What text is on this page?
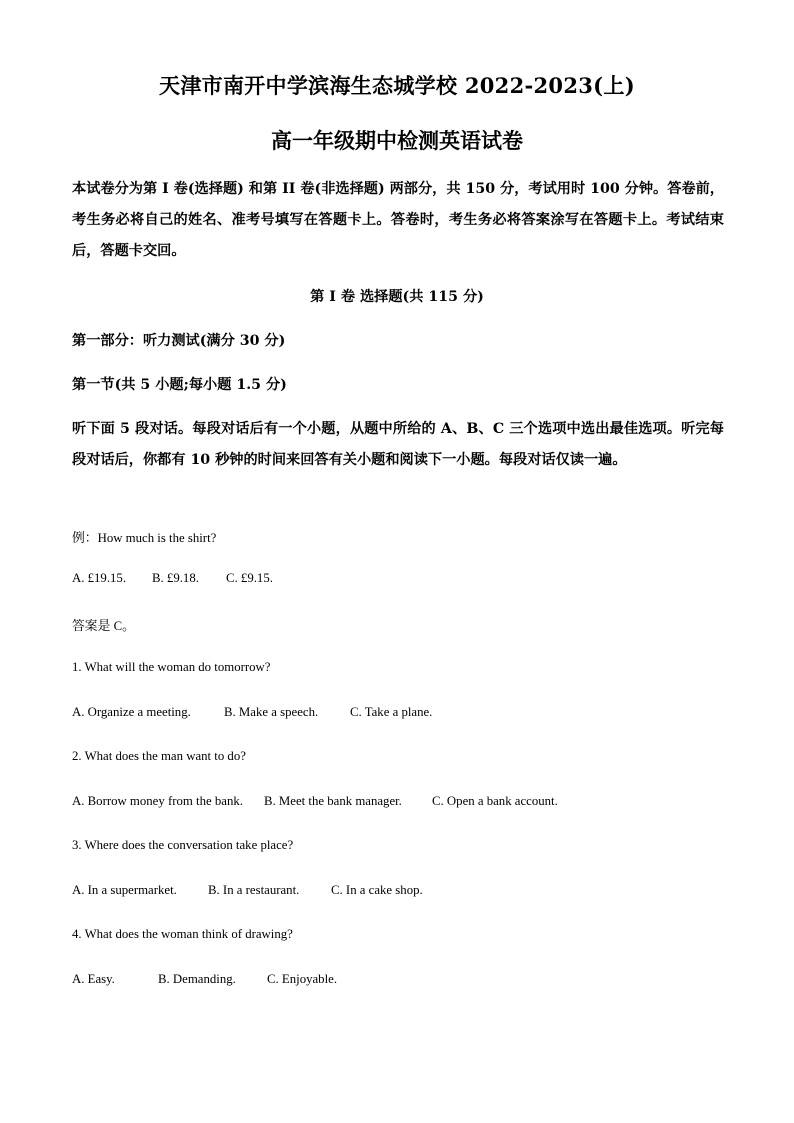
天津市南开中学滨海生态城学校 2022-2023(上)
高一年级期中检测英语试卷

本试卷分为第 I 卷(选择题) 和第 II 卷(非选择题) 两部分，共 150 分，考试用时 100 分钟。答卷前，考生务必将自己的姓名、准考号填写在答题卡上。答卷时，考生务必将答案涂写在答题卡上。考试结束后，答题卡交回。

第 I 卷 选择题(共 115 分)

第一部分：听力测试(满分 30 分)

第一节(共 5 小题;每小题 1.5 分)

听下面 5 段对话。每段对话后有一个小题，从题中所给的 A、B、C 三个选项中选出最佳选项。听完每段对话后，你都有 10 秒钟的时间来回答有关小题和阅读下一小题。每段对话仅读一遍。

例：How much is the shirt?

A. £19.15. B. £9.18. C. £9.15.

答案是 C。

1. What will the woman do tomorrow?

A. Organize a meeting.	B. Make a speech. C. Take a plane.

2. What does the man want to do?

A. Borrow money from the bank. B. Meet the bank manager. C. Open a bank account.

3. Where does the conversation take place?

A. In a supermarket. B. In a restaurant. C. In a cake shop.

4. What does the woman think of drawing?

A. Easy.	B. Demanding. C. Enjoyable.
